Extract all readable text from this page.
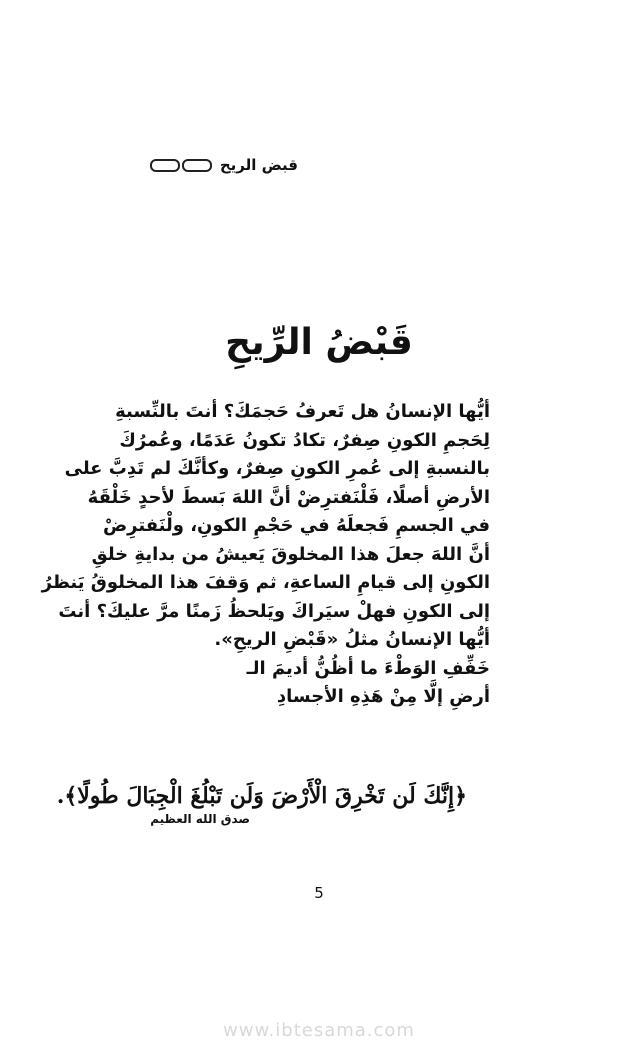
قبض الريح
قَبْضُ الرِّيحِ
أيُّها الإنسانُ هل تَعرفُ حَجمَكَ؟ أنتَ بالنِّسبةِ
لِحَجمِ الكونِ صِفرٌ، تكادُ تكونُ عَدَمًا، وعُمرُكَ
بالنسبةِ إلى عُمرِ الكونِ صِفرٌ، وكأنَّكَ لم تَدِبَّ على
الأرضِ أصلًا، فَلْنَفترِضْ أنَّ اللهَ بَسطَ لأحدٍ خَلْقَهُ
في الجسمِ فَجعلَهُ في حَجْمِ الكونِ، ولْنَفترِضْ
أنَّ اللهَ جعلَ هذا المخلوقَ يَعيشُ من بدايةِ خلقِ
الكونِ إلى قيامِ الساعةِ، ثم وَقفَ هذا المخلوقُ يَنظرُ
إلى الكونِ فهلْ سيَراكَ ويَلحظُ زَمنًا مرَّ عليكَ؟ أنتَ
أيُّها الإنسانُ مثلُ «قَبْضِ الريحِ».
خَفِّفِ الوَطْءَ ما أظُنُّ أديمَ الـ
أرضِ إلَّا مِنْ هَذِهِ الأجسادِ
﴿إِنَّكَ لَن تَخْرِقَ الْأَرْضَ وَلَن تَبْلُغَ الْجِبَالَ طُولًا﴾.
صدق الله العظيم
5
www.ibtesama.com
